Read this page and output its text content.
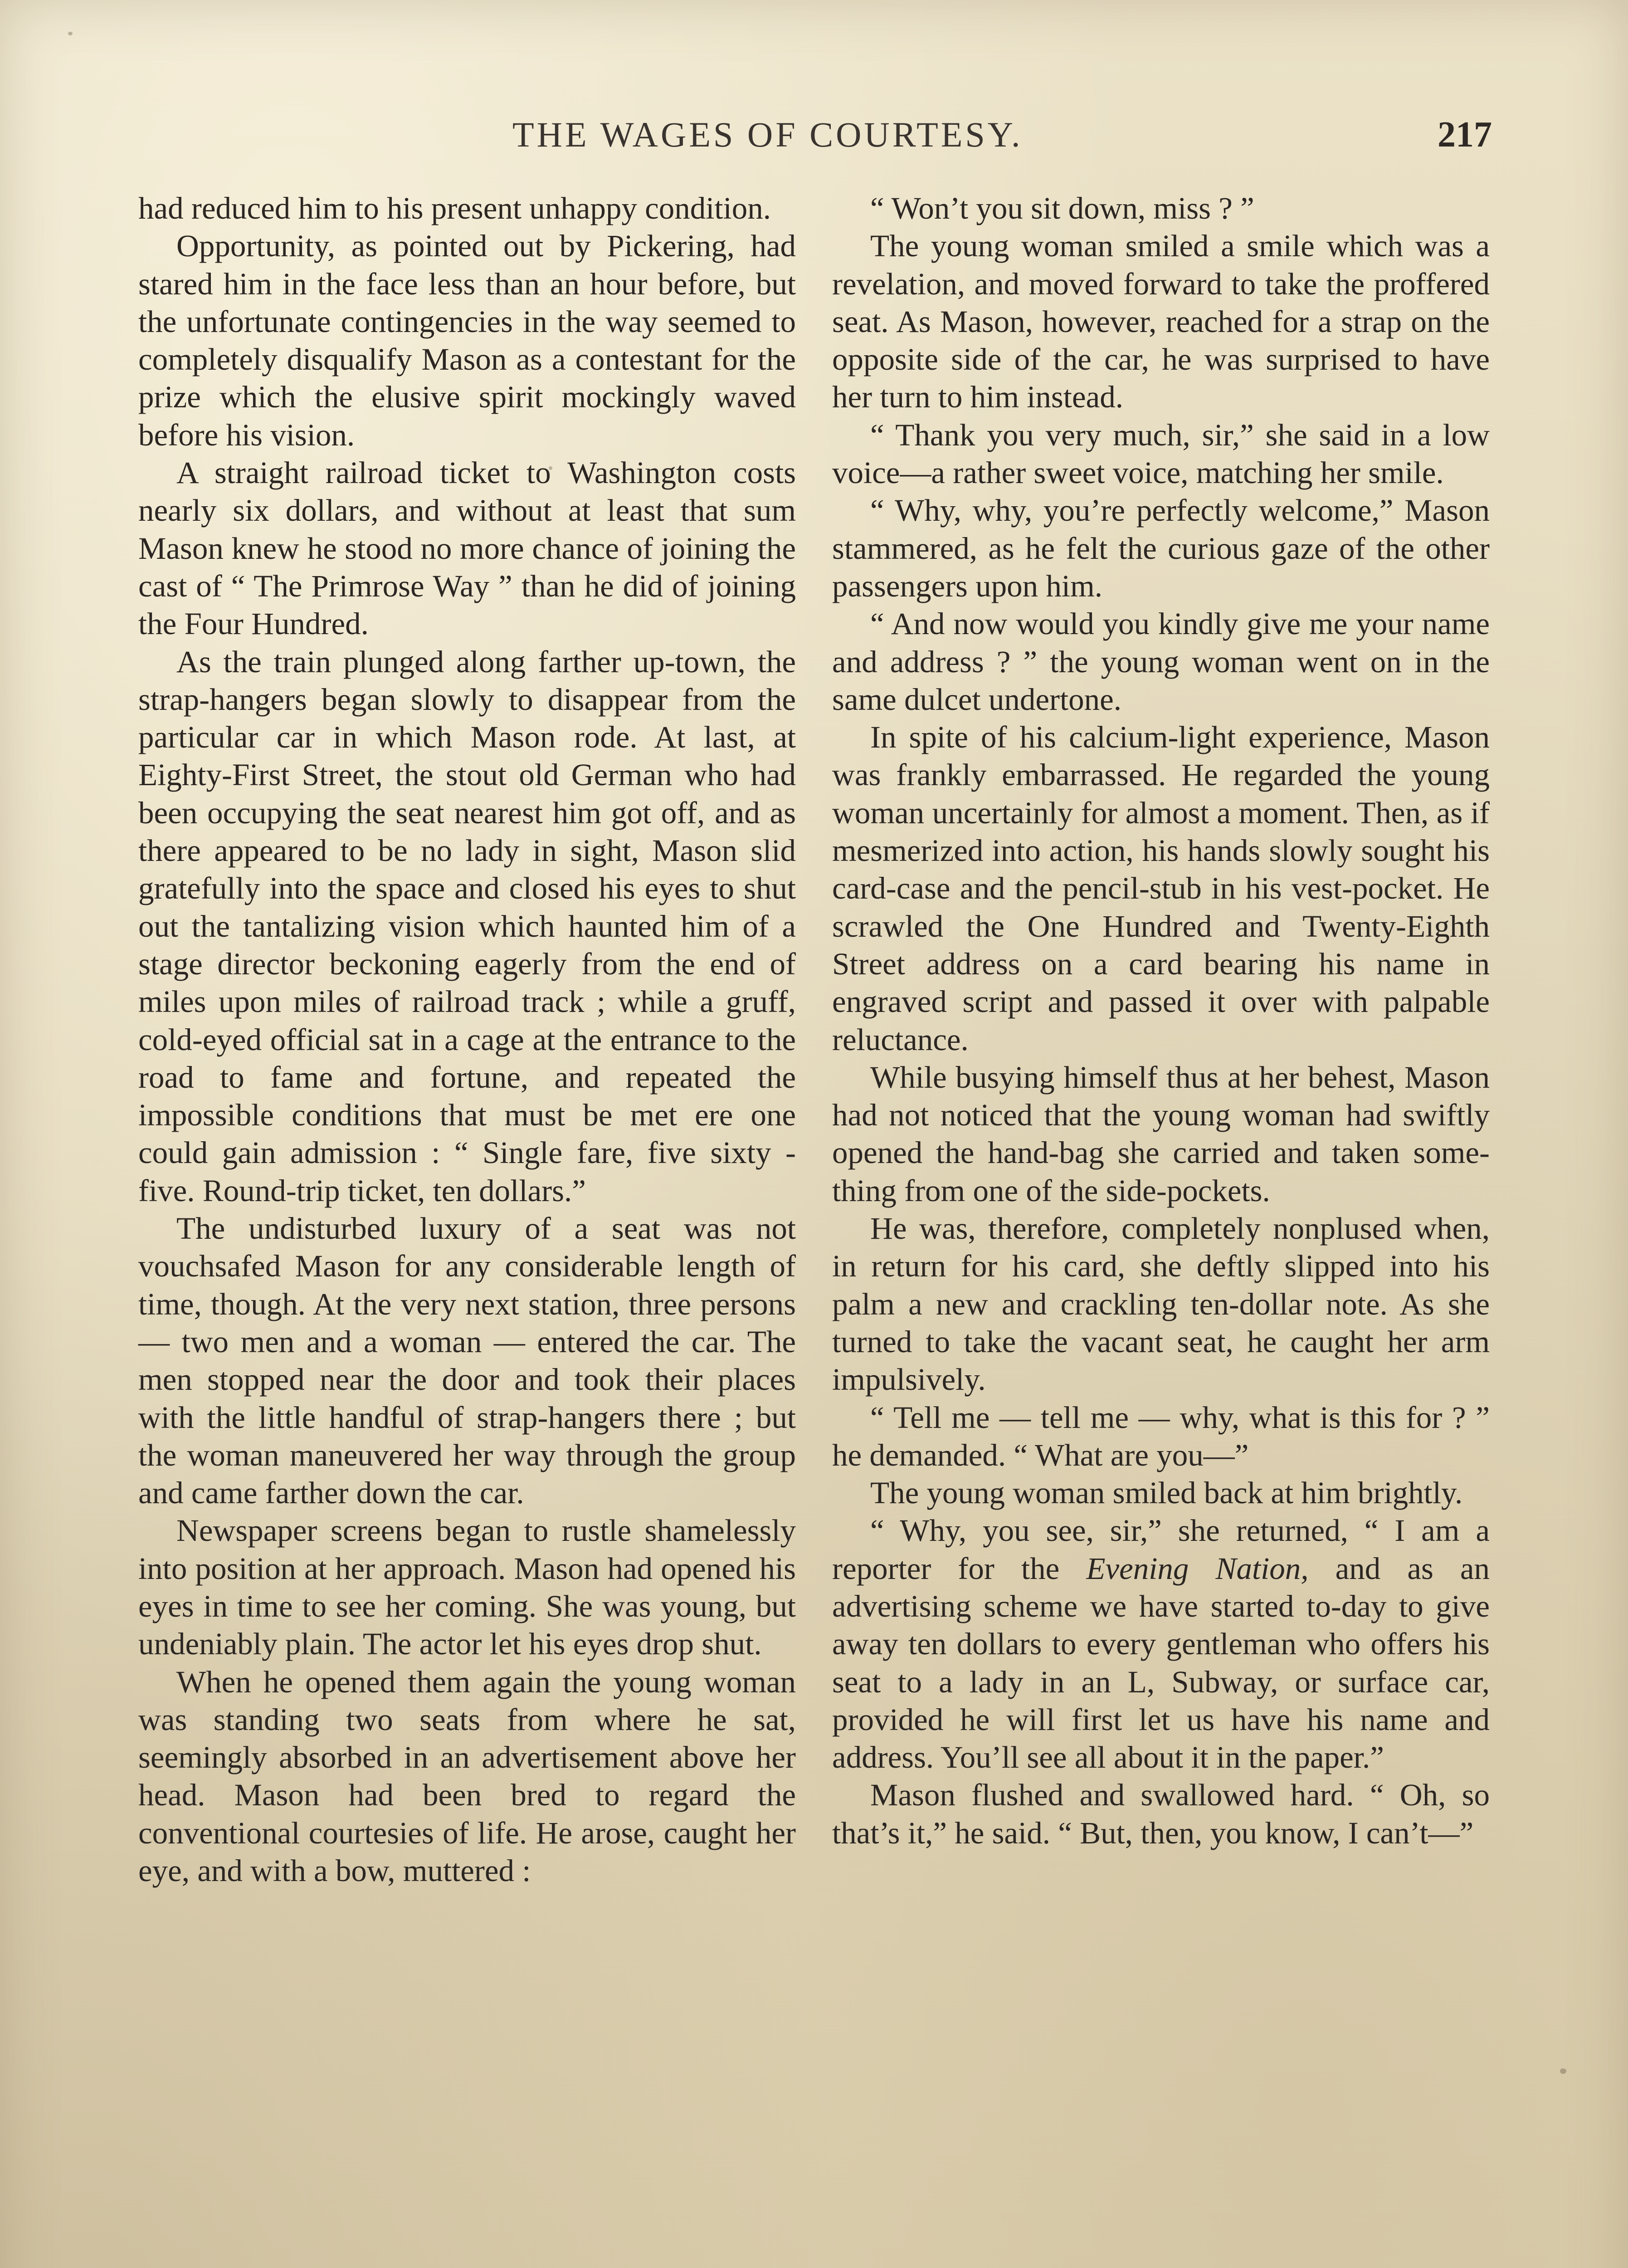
THE WAGES OF COURTESY.	217

had reduced him to his present unhappy condition.

Opportunity, as pointed out by Pickering, had stared him in the face less than an hour before, but the unfortunate contingencies in the way seemed to completely disqualify Mason as a contestant for the prize which the elusive spirit mockingly waved before his vision.

A straight railroad ticket to Washington costs nearly six dollars, and without at least that sum Mason knew he stood no more chance of joining the cast of “ The Primrose Way ” than he did of joining the Four Hundred.

As the train plunged along farther up-town, the strap-hangers began slowly to disappear from the particular car in which Mason rode. At last, at Eighty-First Street, the stout old German who had been occupying the seat nearest him got off, and as there appeared to be no lady in sight, Mason slid gratefully into the space and closed his eyes to shut out the tantalizing vision which haunted him of a stage director beckoning eagerly from the end of miles upon miles of railroad track ; while a gruff, cold-eyed official sat in a cage at the entrance to the road to fame and fortune, and repeated the impossible conditions that must be met ere one could gain admission : “ Single fare, five sixty - five. Round-trip ticket, ten dollars.”

The undisturbed luxury of a seat was not vouchsafed Mason for any considerable length of time, though. At the very next station, three persons — two men and a woman — entered the car. The men stopped near the door and took their places with the little handful of strap-hangers there ; but the woman maneuvered her way through the group and came farther down the car.

Newspaper screens began to rustle shamelessly into position at her approach. Mason had opened his eyes in time to see her coming. She was young, but undeniably plain. The actor let his eyes drop shut.

When he opened them again the young woman was standing two seats from where he sat, seemingly absorbed in an advertisement above her head. Mason had been bred to regard the conventional courtesies of life. He arose, caught her eye, and with a bow, muttered :

“ Won’t you sit down, miss ? ”

The young woman smiled a smile which was a revelation, and moved forward to take the proffered seat. As Mason, however, reached for a strap on the opposite side of the car, he was surprised to have her turn to him instead.

“ Thank you very much, sir,” she said in a low voice—a rather sweet voice, matching her smile.

“ Why, why, you’re perfectly welcome,” Mason stammered, as he felt the curious gaze of the other passengers upon him.

“ And now would you kindly give me your name and address ? ” the young woman went on in the same dulcet undertone.

In spite of his calcium-light experience, Mason was frankly embarrassed. He regarded the young woman uncertainly for almost a moment. Then, as if mesmerized into action, his hands slowly sought his card-case and the pencil-stub in his vest-pocket. He scrawled the One Hundred and Twenty-Eighth Street address on a card bearing his name in engraved script and passed it over with palpable reluctance.

While busying himself thus at her behest, Mason had not noticed that the young woman had swiftly opened the hand-bag she carried and taken something from one of the side-pockets.

He was, therefore, completely nonplused when, in return for his card, she deftly slipped into his palm a new and crackling ten-dollar note. As she turned to take the vacant seat, he caught her arm impulsively.

“ Tell me — tell me — why, what is this for ? ” he demanded. “ What are you—”

The young woman smiled back at him brightly.

“ Why, you see, sir,” she returned, “ I am a reporter for the Evening Nation, and as an advertising scheme we have started to-day to give away ten dollars to every gentleman who offers his seat to a lady in an L, Subway, or surface car, provided he will first let us have his name and address. You’ll see all about it in the paper.”

Mason flushed and swallowed hard. “ Oh, so that’s it,” he said. “ But, then, you know, I can’t—”
